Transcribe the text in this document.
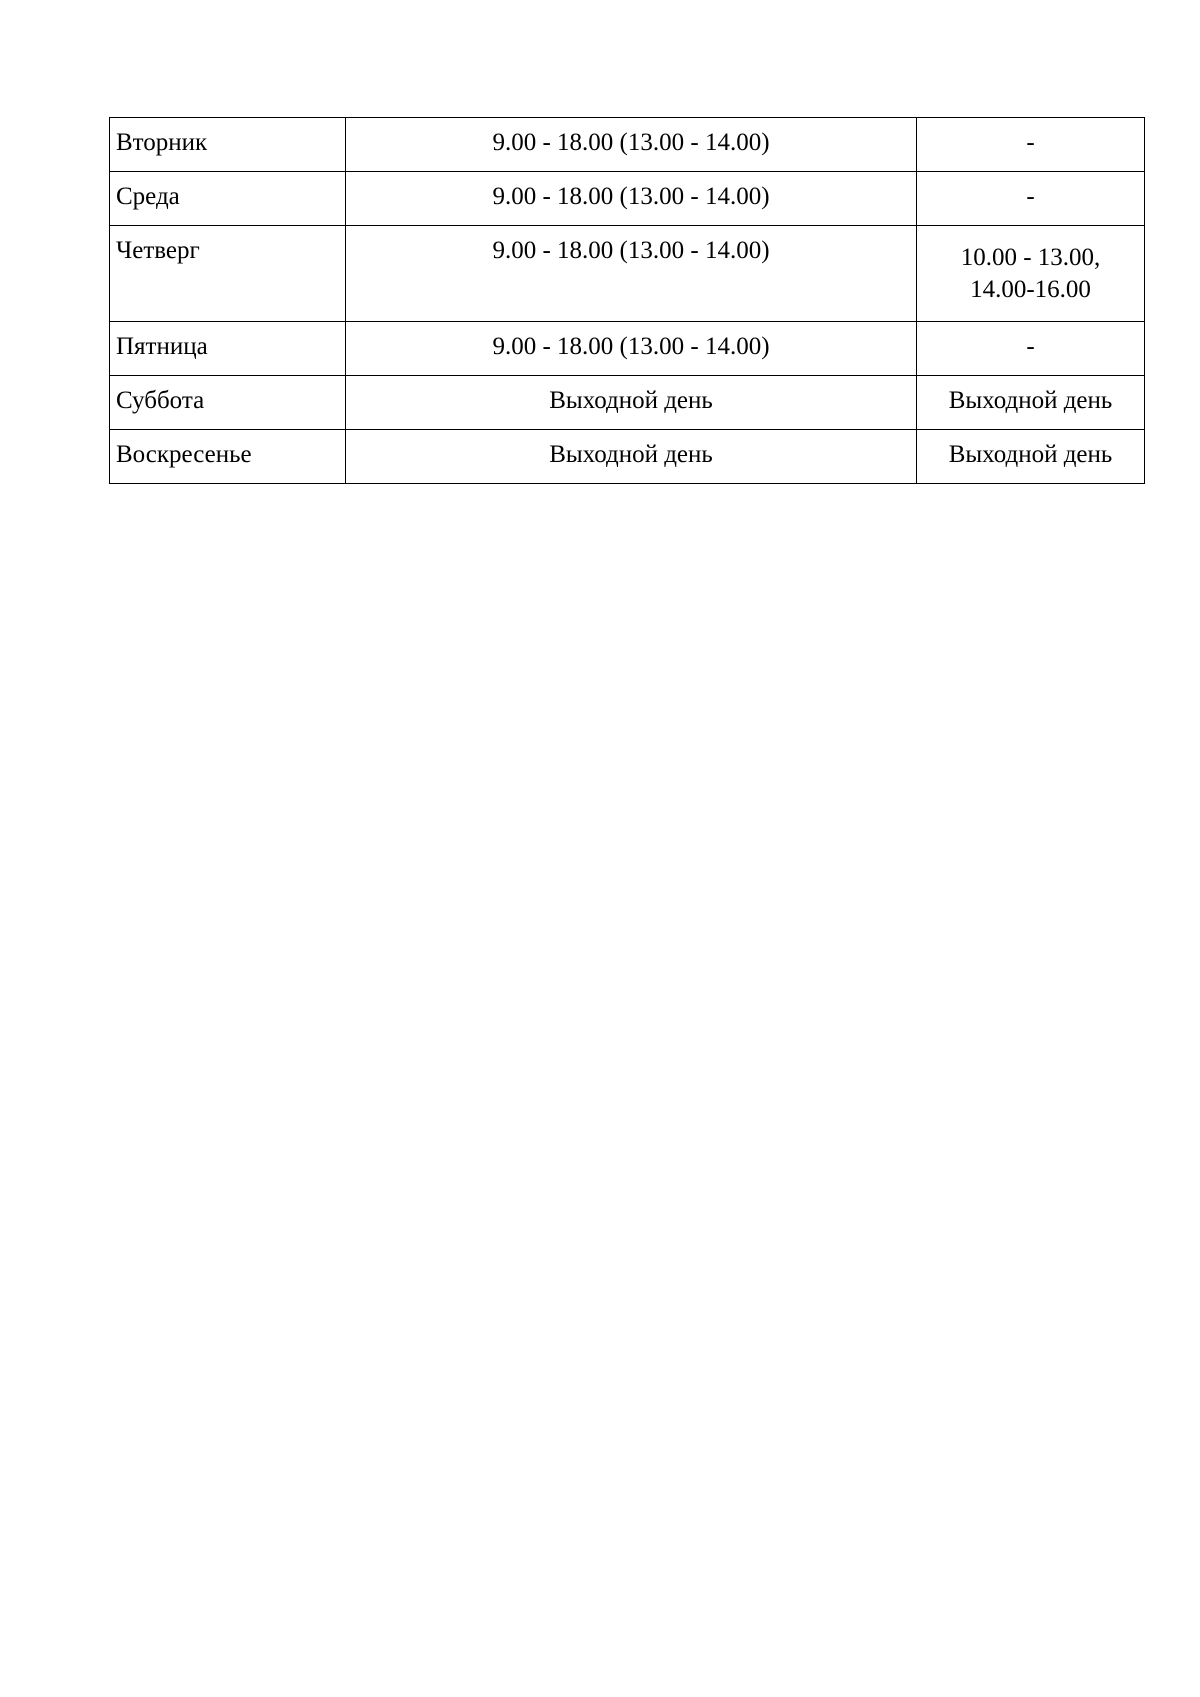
Вторник	9.00 - 18.00 (13.00 - 14.00)	-

Среда	9.00 - 18.00 (13.00 - 14.00)	-

Четверг	9.00 - 18.00 (13.00 - 14.00)	10.00 - 13.00,
14.00-16.00

Пятница	9.00 - 18.00 (13.00 - 14.00)	-

Суббота	Выходной день	Выходной день

Воскресенье	Выходной день	Выходной день
